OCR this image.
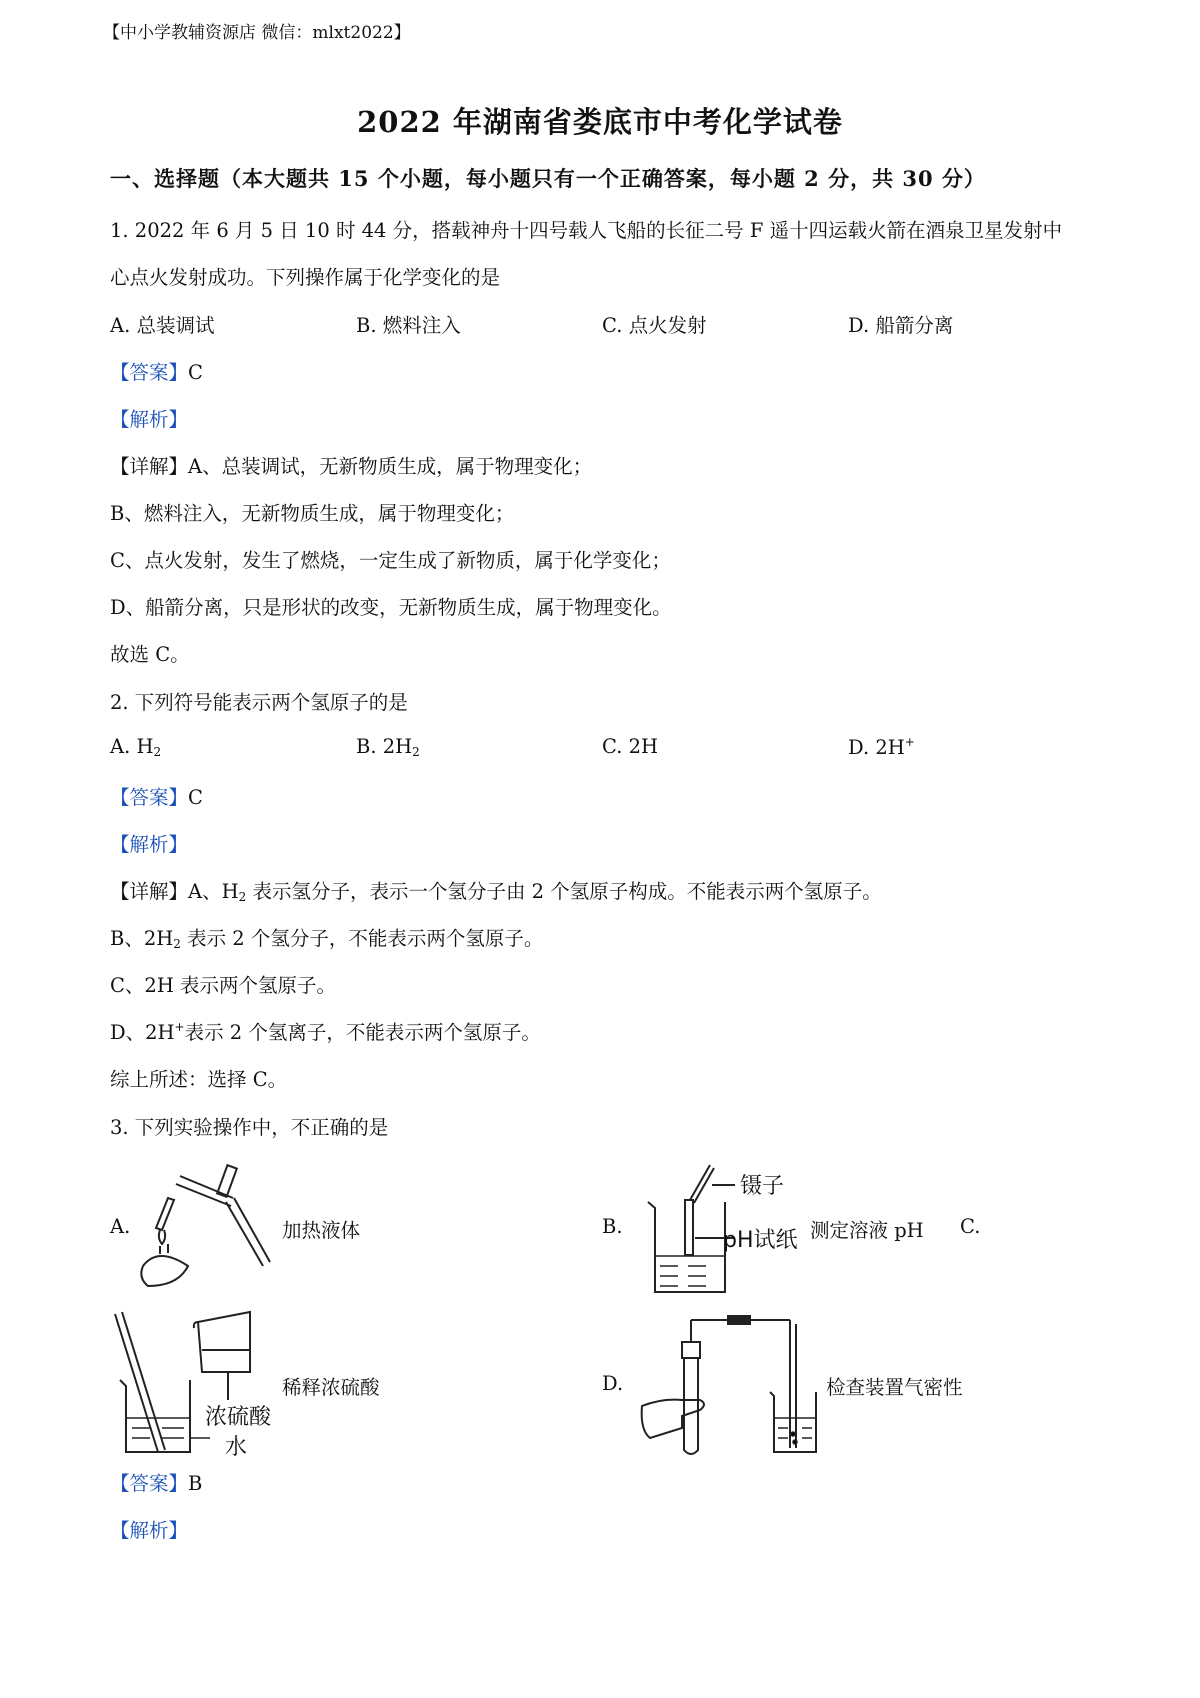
【中小学教辅资源店 微信：mlxt2022】
2022 年湖南省娄底市中考化学试卷
一、选择题（本大题共 15 个小题，每小题只有一个正确答案，每小题 2 分，共 30 分）
1. 2022 年 6 月 5 日 10 时 44 分，搭载神舟十四号载人飞船的长征二号 F 遥十四运载火箭在酒泉卫星发射中
心点火发射成功。下列操作属于化学变化的是
A. 总装调试	B. 燃料注入	C. 点火发射	D. 船箭分离
【答案】C
【解析】
【详解】A、总装调试，无新物质生成，属于物理变化；
B、燃料注入，无新物质生成，属于物理变化；
C、点火发射，发生了燃烧，一定生成了新物质，属于化学变化；
D、船箭分离，只是形状的改变，无新物质生成，属于物理变化。
故选 C。
2. 下列符号能表示两个氢原子的是
A. $H_2$	B. $2H_2$	C. 2H	D. 2H+
【答案】C
【解析】
【详解】A、$H_2$ 表示氢分子，表示一个氢分子由 2 个氢原子构成。不能表示两个氢原子。
B、$2H_2$ 表示 2 个氢分子，不能表示两个氢原子。
C、2H 表示两个氢原子。
D、2H+表示 2 个氢离子，不能表示两个氢原子。
综上所述：选择 C。
3. 下列实验操作中，不正确的是
A.	加热液体	B.
镊子
pH试纸 测定溶液 pH C.
浓硫酸
水
稀释浓硫酸	D.	检查装置气密性
【答案】B
【解析】
